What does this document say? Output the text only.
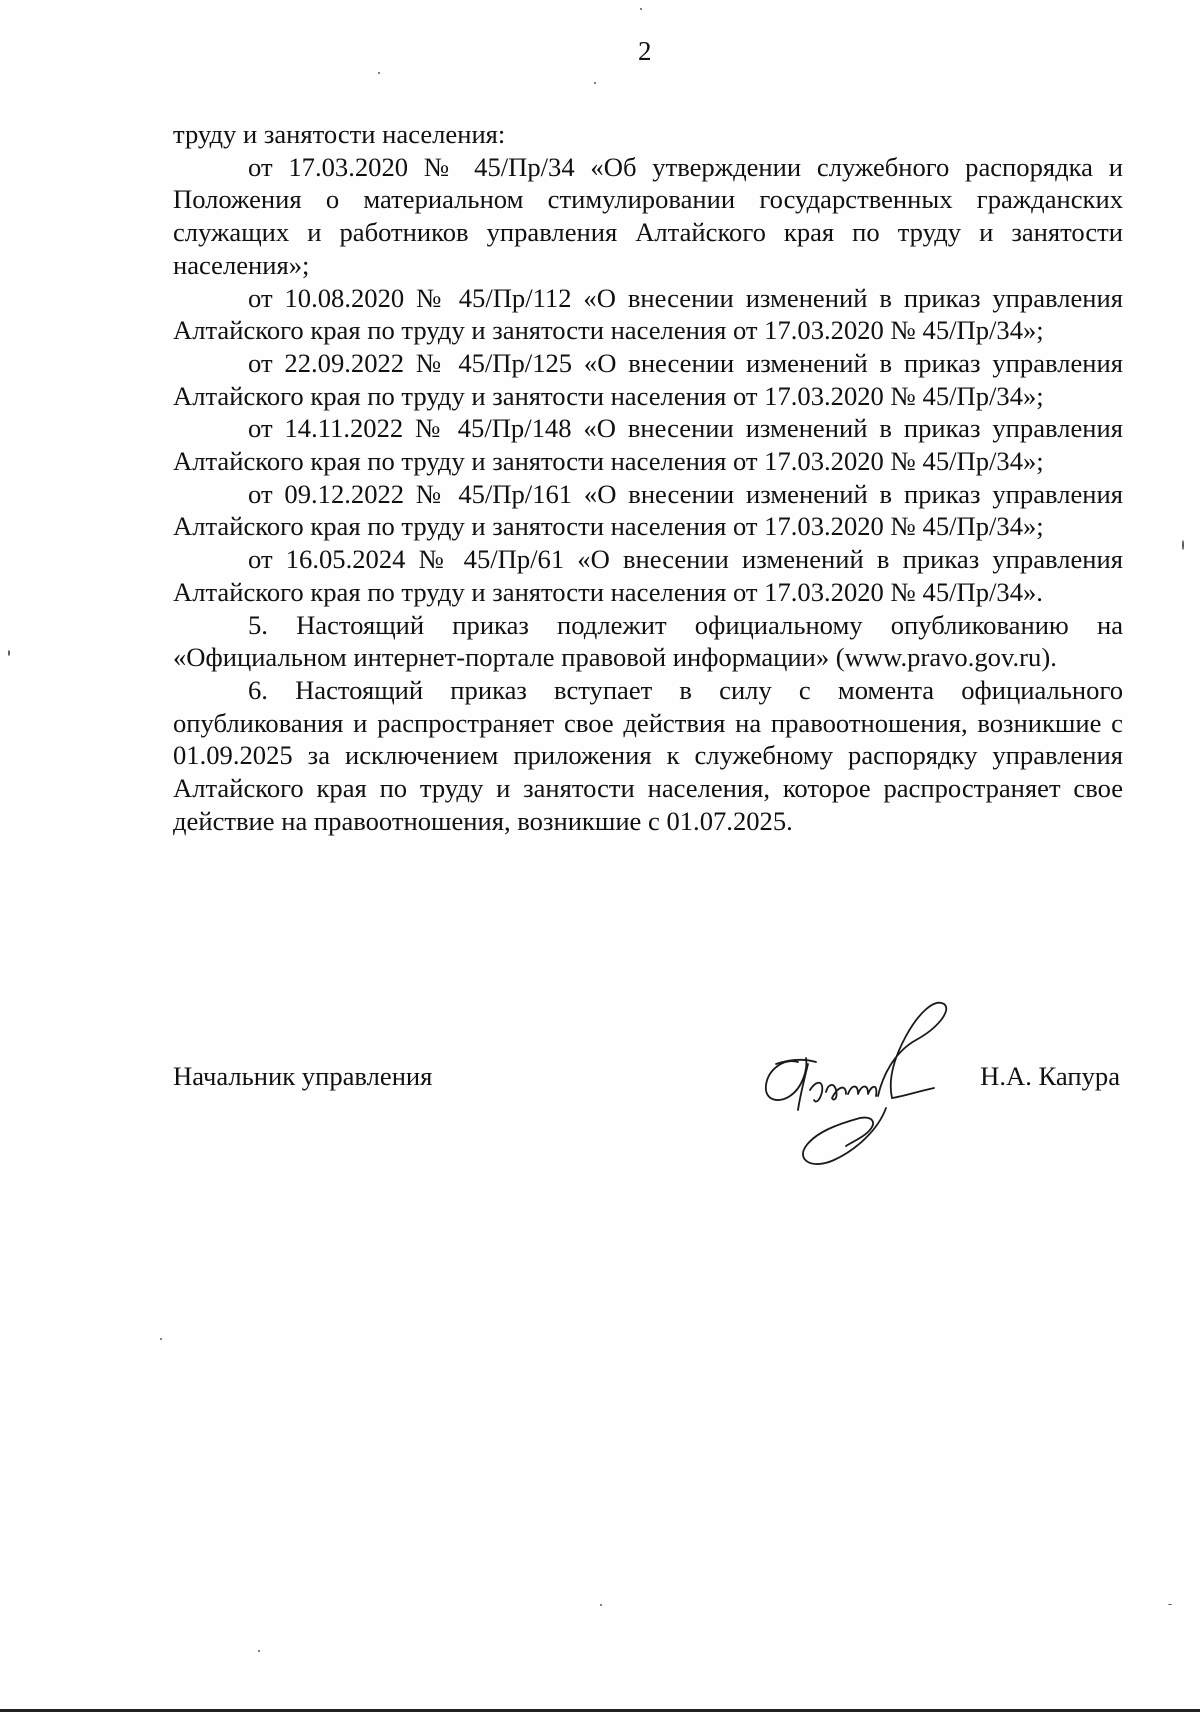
2

труду и занятости населения:

от 17.03.2020 № 45/Пр/34 «Об утверждении служебного распорядка и Положения о материальном стимулировании государственных гражданских служащих и работников управления Алтайского края по труду и занятости населения»;

от 10.08.2020 № 45/Пр/112 «О внесении изменений в приказ управления Алтайского края по труду и занятости населения от 17.03.2020 № 45/Пр/34»;

от 22.09.2022 № 45/Пр/125 «О внесении изменений в приказ управления Алтайского края по труду и занятости населения от 17.03.2020 № 45/Пр/34»;

от 14.11.2022 № 45/Пр/148 «О внесении изменений в приказ управления Алтайского края по труду и занятости населения от 17.03.2020 № 45/Пр/34»;

от 09.12.2022 № 45/Пр/161 «О внесении изменений в приказ управления Алтайского края по труду и занятости населения от 17.03.2020 № 45/Пр/34»;

от 16.05.2024 № 45/Пр/61 «О внесении изменений в приказ управления Алтайского края по труду и занятости населения от 17.03.2020 № 45/Пр/34».

5. Настоящий приказ подлежит официальному опубликованию на «Официальном интернет-портале правовой информации» (www.pravo.gov.ru).

6. Настоящий приказ вступает в силу с момента официального опубликования и распространяет свое действия на правоотношения, возникшие с 01.09.2025 за исключением приложения к служебному распорядку управления Алтайского края по труду и занятости населения, которое распространяет свое действие на правоотношения, возникшие с 01.07.2025.

Начальник управления	Н.А. Капура
